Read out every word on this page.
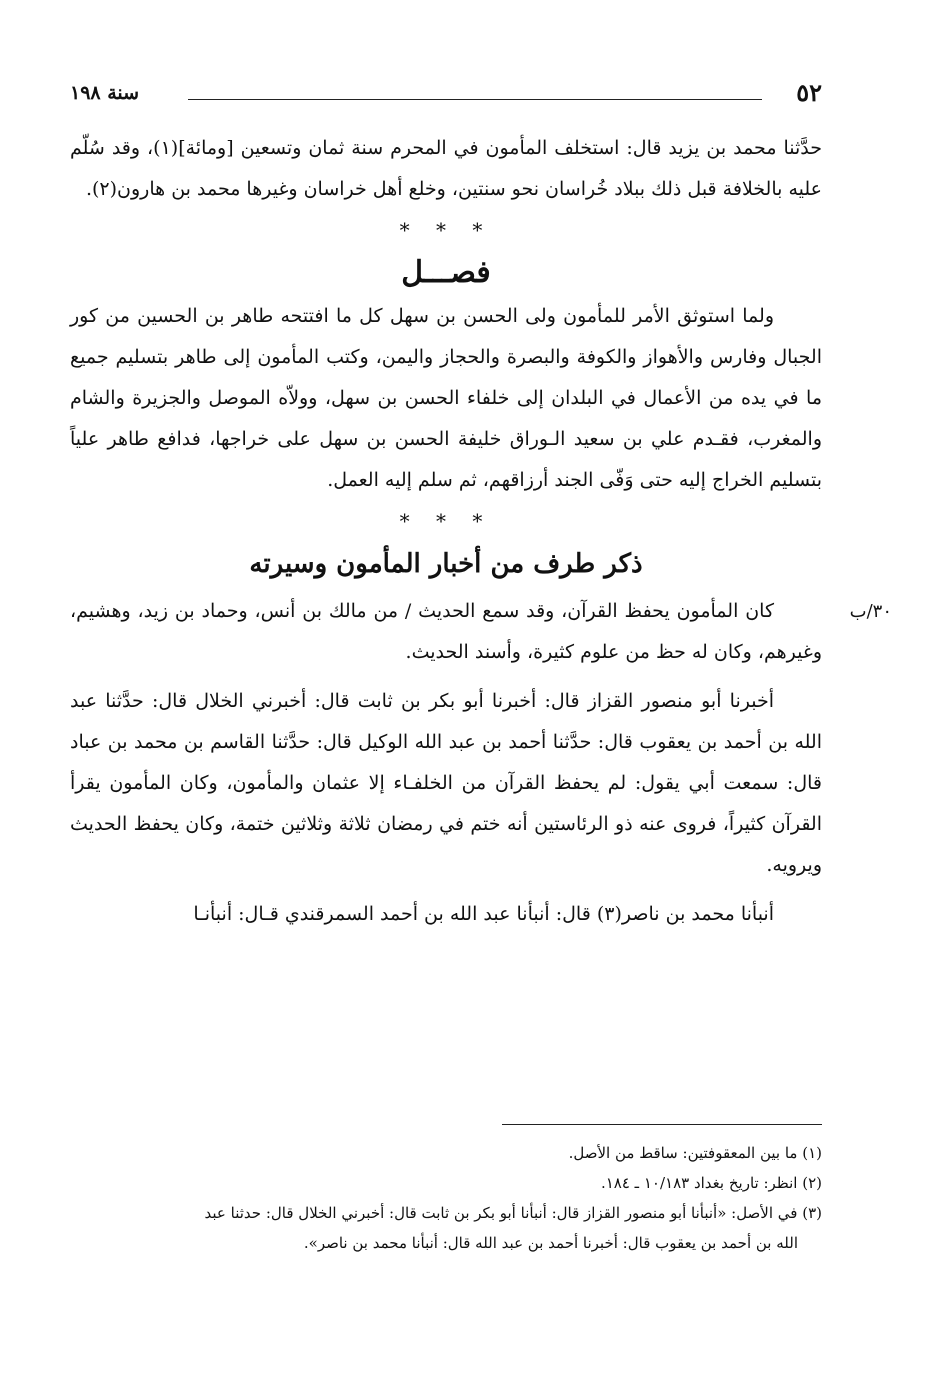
٥٢
سنة ١٩٨

حدَّثنا محمد بن يزيد قال: استخلف المأمون في المحرم سنة ثمان وتسعين [ومائة](١)، وقد سُلّم عليه بالخلافة قبل ذلك ببلاد خُراسان نحو سنتين، وخلع أهل خراسان وغيرها محمد بن هارون(٢).

* * *

فصـــل

ولما استوثق الأمر للمأمون ولى الحسن بن سهل كل ما افتتحه طاهر بن الحسين من كور الجبال وفارس والأهواز والكوفة والبصرة والحجاز واليمن، وكتب المأمون إلى طاهر بتسليم جميع ما في يده من الأعمال في البلدان إلى خلفاء الحسن بن سهل، وولاّه الموصل والجزيرة والشام والمغرب، فقـدم علي بن سعيد الـوراق خليفة الحسن بن سهل على خراجها، فدافع طاهر علياً بتسليم الخراج إليه حتى وَفّى الجند أرزاقهم، ثم سلم إليه العمل.

* * *

ذكر طرف من أخبار المأمون وسيرته

٣٠/ب

كان المأمون يحفظ القرآن، وقد سمع الحديث / من مالك بن أنس، وحماد بن زيد، وهشيم، وغيرهم، وكان له حظ من علوم كثيرة، وأسند الحديث.

أخبرنا أبو منصور القزاز قال: أخبرنا أبو بكر بن ثابت قال: أخبرني الخلال قال: حدَّثنا عبد الله بن أحمد بن يعقوب قال: حدَّثنا أحمد بن عبد الله الوكيل قال: حدَّثنا القاسم بن محمد بن عباد قال: سمعت أبي يقول: لم يحفظ القرآن من الخلفـاء إلا عثمان والمأمون، وكان المأمون يقرأ القرآن كثيراً، فروى عنه ذو الرئاستين أنه ختم في رمضان ثلاثة وثلاثين ختمة، وكان يحفظ الحديث ويرويه.

أنبأنا محمد بن ناصر(٣) قال: أنبأنا عبد الله بن أحمد السمرقندي قـال: أنبأنـا

(١) ما بين المعقوفتين: ساقط من الأصل.

(٢) انظر: تاريخ بغداد ١٠/١٨٣ ـ ١٨٤.

(٣) في الأصل: «أنبأنا أبو منصور القزاز قال: أنبأنا أبو بكر بن ثابت قال: أخبرني الخلال قال: حدثنا عبد

الله بن أحمد بن يعقوب قال: أخبرنا أحمد بن عبد الله قال: أنبأنا محمد بن ناصر».
